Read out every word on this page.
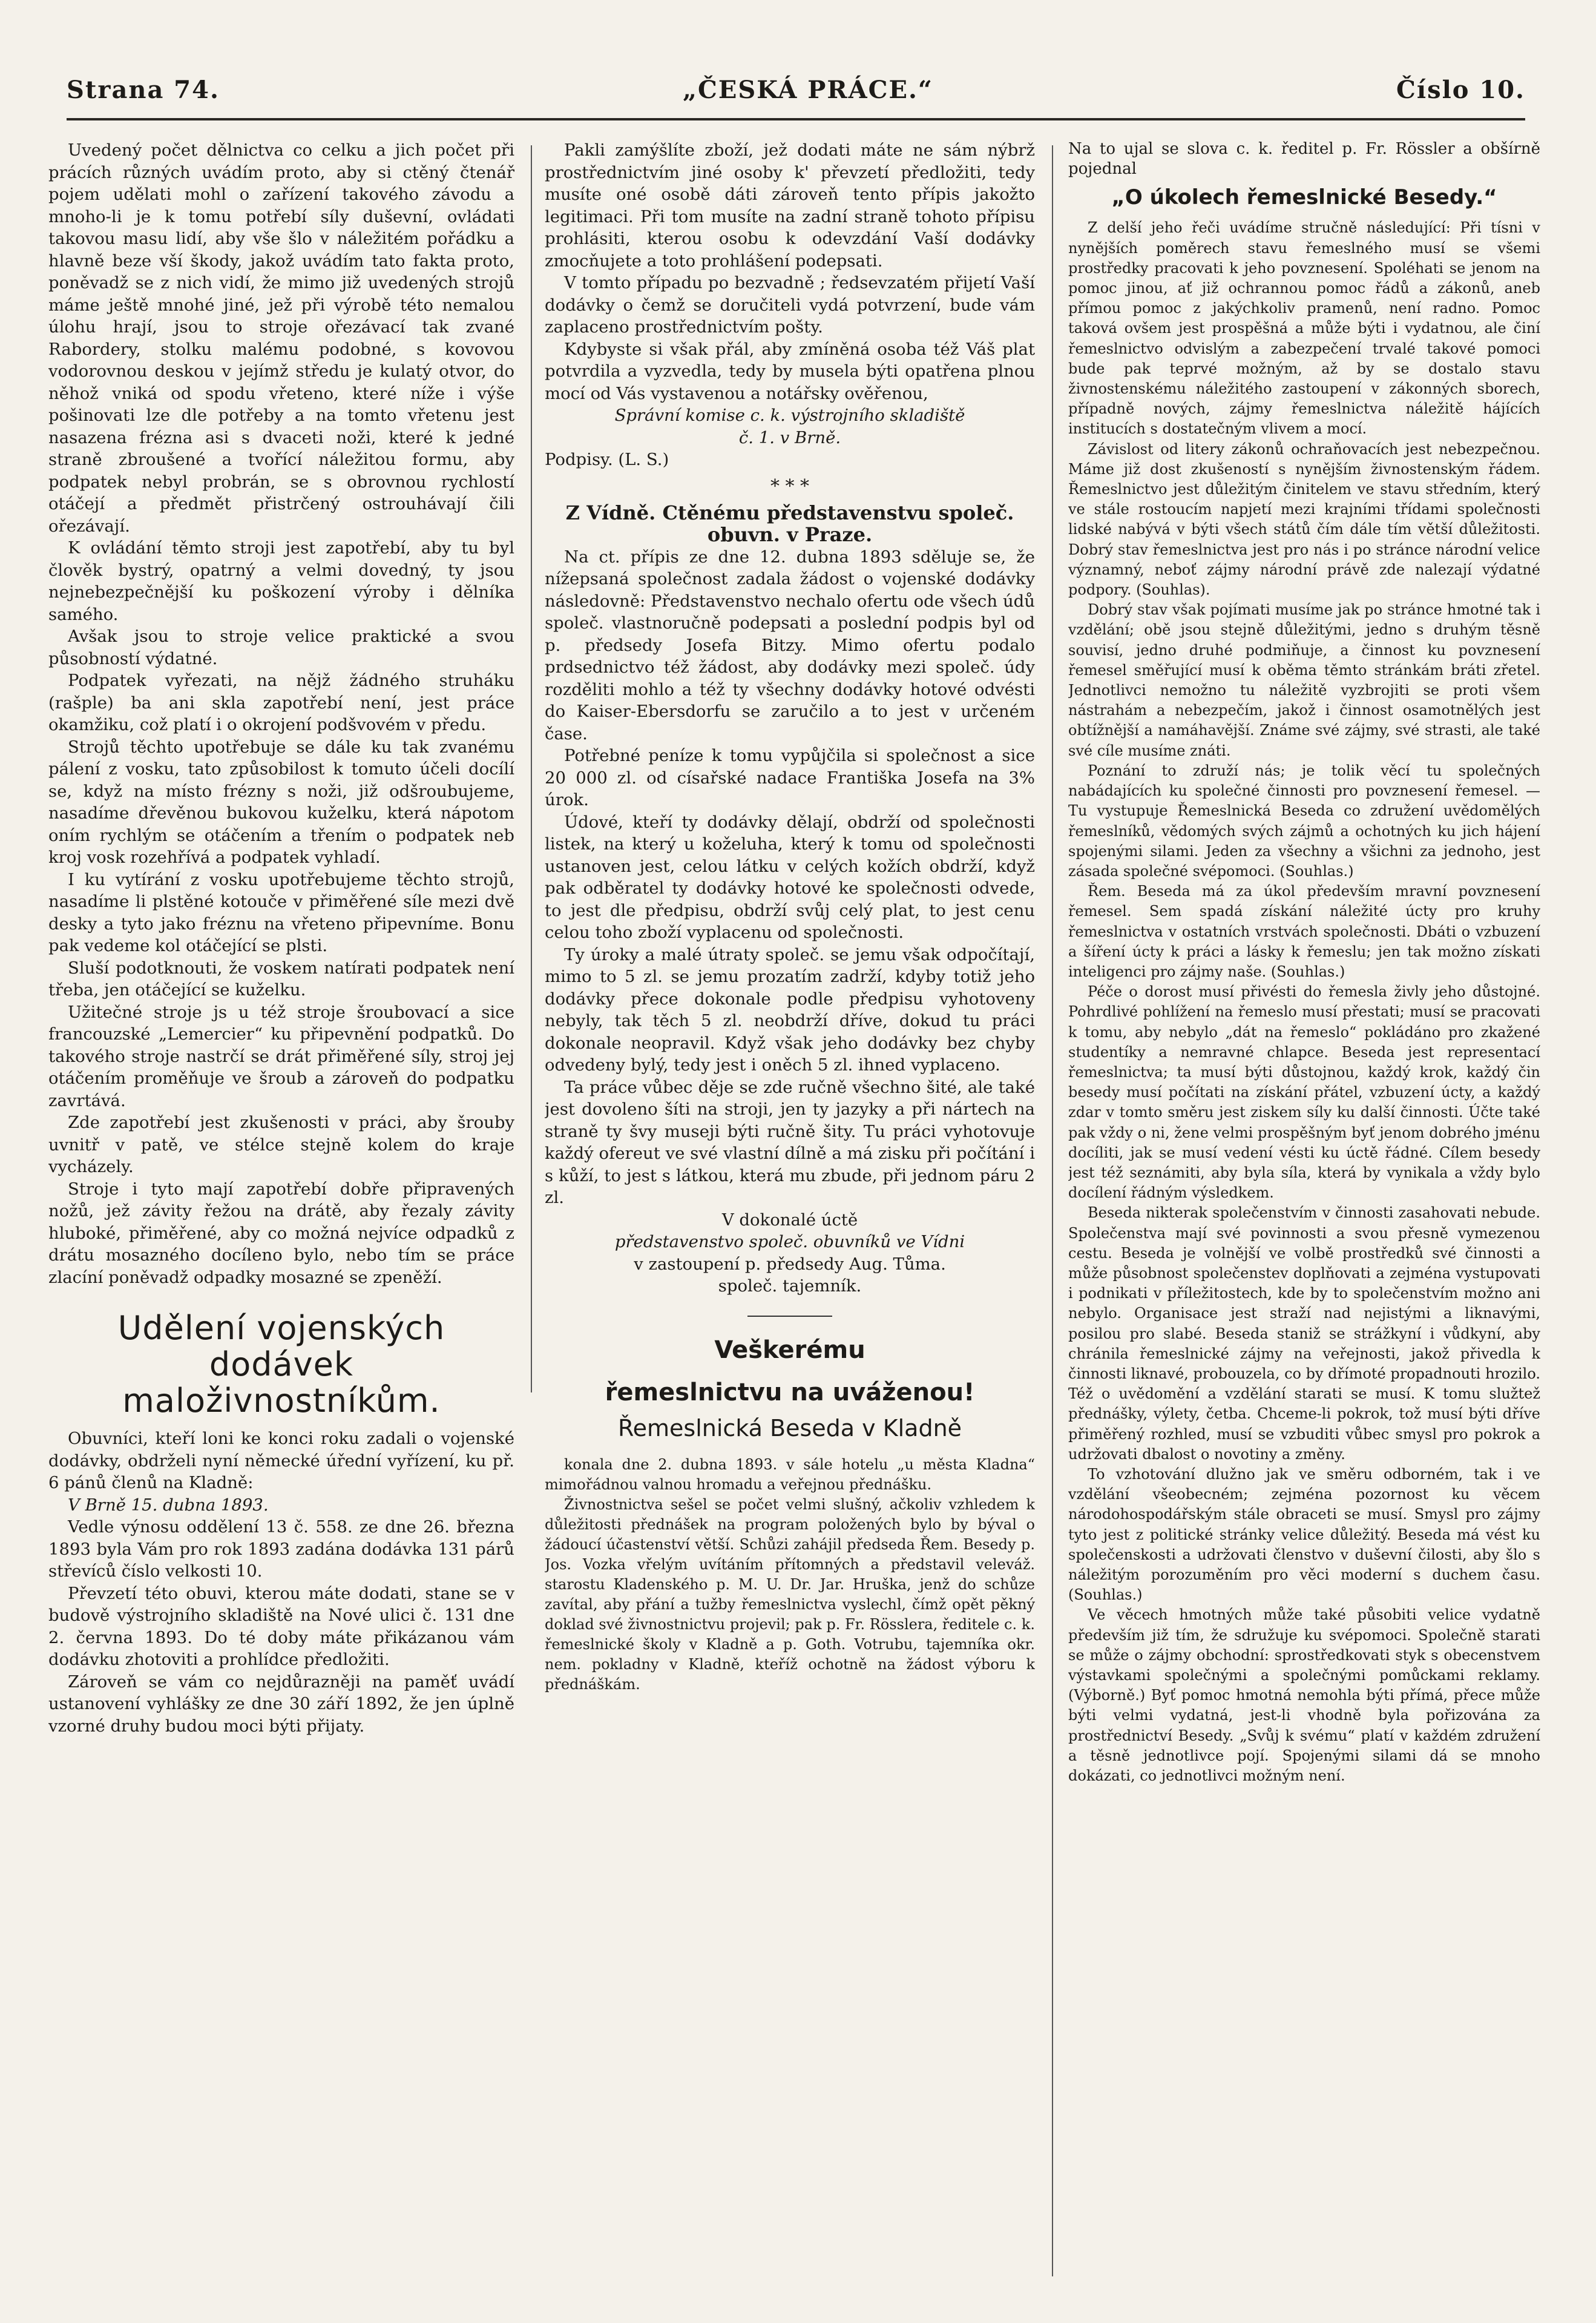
Strana 74.	„ČESKÁ PRÁCE.“	Číslo 10.

Uvedený počet dělnictva co celku a jich počet při prácích různých uvádím proto, aby si ctěný čtenář pojem udělati mohl o zařízení takového závodu a mnoho-li je k tomu potřebí síly duševní, ovládati takovou masu lidí, aby vše šlo v náležitém pořádku a hlavně beze vší škody, jakož uvádím tato fakta proto, poněvadž se z nich vidí, že mimo již uvedených strojů máme ještě mnohé jiné, jež při výrobě této nemalou úlohu hrají, jsou to stroje ořezávací tak zvané Rabordery, stolku malému podobné, s kovovou vodorovnou deskou v jejímž středu je kulatý otvor, do něhož vniká od spodu vřeteno, které níže i výše pošinovati lze dle potřeby a na tomto vřetenu jest nasazena frézna asi s dvaceti noži, které k jedné straně zbroušené a tvořící náležitou formu, aby podpatek nebyl probrán, se s obrovnou rychlostí otáčejí a předmět přistrčený ostrouhávají čili ořezávají.

K ovládání těmto stroji jest zapotřebí, aby tu byl člověk bystrý, opatrný a velmi dovedný, ty jsou nejnebezpečnější ku poškození výroby i dělníka samého.

Avšak jsou to stroje velice praktické a svou působností výdatné.

Podpatek vyřezati, na nějž žádného struháku (rašple) ba ani skla zapotřebí není, jest práce okamžiku, což platí i o okrojení podšvovém v předu.

Strojů těchto upotřebuje se dále ku tak zvanému pálení z vosku, tato způsobilost k tomuto účeli docílí se, když na místo frézny s noži, již odšroubujeme, nasadíme dřevěnou bukovou kuželku, která nápotom oním rychlým se otáčením a třením o podpatek neb kroj vosk rozehřívá a podpatek vyhladí.

I ku vytírání z vosku upotřebujeme těchto strojů, nasadíme li plstěné kotouče v přiměřené síle mezi dvě desky a tyto jako fréznu na vřeteno připevníme. Bonu pak vedeme kol otáčející se plsti.

Sluší podotknouti, že voskem natírati podpatek není třeba, jen otáčející se kuželku.

Užitečné stroje js u též stroje šroubovací a sice francouzské „Lemercier“ ku připevnění podpatků. Do takového stroje nastrčí se drát přiměřené síly, stroj jej otáčením proměňuje ve šroub a zároveň do podpatku zavrtává.

Zde zapotřebí jest zkušenosti v práci, aby šrouby uvnitř v patě, ve stélce stejně kolem do kraje vycházely.

Stroje i tyto mají zapotřebí dobře připravených nožů, jež závity řežou na drátě, aby řezaly závity hluboké, přiměřené, aby co možná nejvíce odpadků z drátu mosazného docíleno bylo, nebo tím se práce zlacíní poněvadž odpadky mosazné se zpeněží.

Udělení vojenských dodávek maloživnostníkům.

Obuvníci, kteří loni ke konci roku zadali o vojenské dodávky, obdrželi nyní německé úřední vyřízení, ku př. 6 pánů členů na Kladně:

V Brně 15. dubna 1893.

Vedle výnosu oddělení 13 č. 558. ze dne 26. března 1893 byla Vám pro rok 1893 zadána dodávka 131 párů střevíců číslo velkosti 10.

Převzetí této obuvi, kterou máte dodati, stane se v budově výstrojního skladiště na Nové ulici č. 131 dne 2. června 1893. Do té doby máte přikázanou vám dodávku zhotoviti a prohlídce předložiti.

Zároveň se vám co nejdůrazněji na paměť uvádí ustanovení vyhlášky ze dne 30 září 1892, že jen úplně vzorné druhy budou moci býti přijaty.

Pakli zamýšlíte zboží, jež dodati máte ne sám nýbrž prostřednictvím jiné osoby k' převzetí předložiti, tedy musíte oné osobě dáti zároveň tento přípis jakožto legitimaci. Při tom musíte na zadní straně tohoto přípisu prohlásiti, kterou osobu k odevzdání Vaší dodávky zmocňujete a toto prohlášení podepsati.

V tomto případu po bezvadně ; ředsevzatém přijetí Vaší dodávky o čemž se doručiteli vydá potvrzení, bude vám zaplaceno prostřednictvím pošty.

Kdybyste si však přál, aby zmíněná osoba též Váš plat potvrdila a vyzvedla, tedy by musela býti opatřena plnou mocí od Vás vystavenou a notářsky ověřenou,

Správní komise c. k. výstrojního skladiště

č. 1. v Brně.

Podpisy. (L. S.)

* * *

Z Vídně. Ctěnému představenstvu společ. obuvn. v Praze.

Na ct. přípis ze dne 12. dubna 1893 sděluje se, že nížepsaná společnost zadala žádost o vojenské dodávky následovně: Představenstvo nechalo ofertu ode všech údů společ. vlastnoručně podepsati a poslední podpis byl od p. předsedy Josefa Bitzy. Mimo ofertu podalo prdsednictvo též žádost, aby dodávky mezi společ. údy rozděliti mohlo a též ty všechny dodávky hotové odvésti do Kaiser-Ebersdorfu se zaručilo a to jest v určeném čase.

Potřebné peníze k tomu vypůjčila si společnost a sice 20 000 zl. od císařské nadace Františka Josefa na 3% úrok.

Údové, kteří ty dodávky dělají, obdrží od společnosti listek, na který u koželuha, který k tomu od společnosti ustanoven jest, celou látku v celých kožích obdrží, když pak odběratel ty dodávky hotové ke společnosti odvede, to jest dle předpisu, obdrží svůj celý plat, to jest cenu celou toho zboží vyplacenu od společnosti.

Ty úroky a malé útraty společ. se jemu však odpočítají, mimo to 5 zl. se jemu prozatím zadrží, kdyby totiž jeho dodávky přece dokonale podle předpisu vyhotoveny nebyly, tak těch 5 zl. neobdrží dříve, dokud tu práci dokonale neopravil. Když však jeho dodávky bez chyby odvedeny bylý, tedy jest i oněch 5 zl. ihned vyplaceno.

Ta práce vůbec děje se zde ručně všechno šité, ale také jest dovoleno šíti na stroji, jen ty jazyky a při nártech na straně ty švy museji býti ručně šity. Tu práci vyhotovuje každý ofereut ve své vlastní dílně a má zisku při počítání i s kůží, to jest s látkou, která mu zbude, při jednom páru 2 zl.

V dokonalé úctě

představenstvo společ. obuvníků ve Vídni

v zastoupení p. předsedy Aug. Tůma.

společ. tajemník.

Veškerému
řemeslnictvu na uváženou!
Řemeslnická Beseda v Kladně

konala dne 2. dubna 1893. v sále hotelu „u města Kladna“ mimořádnou valnou hromadu a veřejnou přednášku.

Živnostnictva sešel se počet velmi slušný, ačkoliv vzhledem k důležitosti přednášek na program položených bylo by býval o žádoucí účastenství větší. Schůzi zahájil předseda Řem. Besedy p. Jos. Vozka vřelým uvítáním přítomných a představil veleváž. starostu Kladenského p. M. U. Dr. Jar. Hruška, jenž do schůze zavítal, aby přání a tužby řemeslnictva vyslechl, čímž opět pěkný doklad své živnostnictvu projevil; pak p. Fr. Rösslera, ředitele c. k. řemeslnické školy v Kladně a p. Goth. Votrubu, tajemníka okr. nem. pokladny v Kladně, kteříž ochotně na žádost výboru k přednáškám.

Na to ujal se slova c. k. ředitel p. Fr. Rössler a obšírně pojednal

„O úkolech řemeslnické Besedy.“

Z delší jeho řeči uvádíme stručně následující: Při tísni v nynějších poměrech stavu řemeslného musí se všemi prostředky pracovati k jeho povznesení. Spoléhati se jenom na pomoc jinou, ať již ochrannou pomoc řádů a zákonů, aneb přímou pomoc z jakýchkoliv pramenů, není radno. Pomoc taková ovšem jest prospěšná a může býti i vydatnou, ale činí řemeslnictvo odvislým a zabezpečení trvalé takové pomoci bude pak teprvé možným, až by se dostalo stavu živnostenskému náležitého zastoupení v zákonných sborech, případně nových, zájmy řemeslnictva náležitě hájících institucích s dostatečným vlivem a mocí.

Závislost od litery zákonů ochraňovacích jest nebezpečnou. Máme již dost zkušeností s nynějším živnostenským řádem. Řemeslnictvo jest důležitým činitelem ve stavu středním, který ve stále rostoucím napjetí mezi krajními třídami společnosti lidské nabývá v býti všech států čím dále tím větší důležitosti. Dobrý stav řemeslnictva jest pro nás i po stránce národní velice významný, neboť zájmy národní právě zde nalezají výdatné podpory. (Souhlas).

Dobrý stav však pojímati musíme jak po stránce hmotné tak i vzdělání; obě jsou stejně důležitými, jedno s druhým těsně souvisí, jedno druhé podmiňuje, a činnost ku povznesení řemesel směřující musí k oběma těmto stránkám bráti zřetel. Jednotlivci nemožno tu náležitě vyzbrojiti se proti všem nástrahám a nebezpečím, jakož i činnost osamotnělých jest obtížnější a namáhavější. Známe své zájmy, své strasti, ale také své cíle musíme znáti.

Poznání to združí nás; je tolik věcí tu společných nabádajících ku společné činnosti pro povznesení řemesel. — Tu vystupuje Řemeslnická Beseda co združení uvědomělých řemeslníků, vědomých svých zájmů a ochotných ku jich hájení spojenými silami. Jeden za všechny a všichni za jednoho, jest zásada společné svépomoci. (Souhlas.)

Řem. Beseda má za úkol především mravní povznesení řemesel. Sem spadá získání náležité úcty pro kruhy řemeslnictva v ostatních vrstvách společnosti. Dbáti o vzbuzení a šíření úcty k práci a lásky k řemeslu; jen tak možno získati inteligenci pro zájmy naše. (Souhlas.)

Péče o dorost musí přivésti do řemesla živly jeho důstojné. Pohrdlivé pohlížení na řemeslo musí přestati; musí se pracovati k tomu, aby nebylo „dát na řemeslo“ pokládáno pro zkažené studentíky a nemravné chlapce. Beseda jest representací řemeslnictva; ta musí býti důstojnou, každý krok, každý čin besedy musí počítati na získání přátel, vzbuzení úcty, a každý zdar v tomto směru jest ziskem síly ku další činnosti. Účte také pak vždy o ni, žene velmi prospěšným byť jenom dobrého jménu docíliti, jak se musí vedení vésti ku úctě řádné. Cílem besedy jest též seznámiti, aby byla síla, která by vynikala a vždy bylo docílení řádným výsledkem.

Beseda nikterak společenstvím v činnosti zasahovati nebude. Společenstva mají své povinnosti a svou přesně vymezenou cestu. Beseda je volnější ve volbě prostředků své činnosti a může působnost společenstev doplňovati a zejména vystupovati i podnikati v příležitostech, kde by to společenstvím možno ani nebylo. Organisace jest straží nad nejistými a liknavými, posilou pro slabé. Beseda staniž se strážkyní i vůdkyní, aby chránila řemeslnické zájmy na veřejnosti, jakož přivedla k činnosti liknavé, probouzela, co by dřímoté propadnouti hrozilo. Též o uvědomění a vzdělání starati se musí. K tomu služtež přednášky, výlety, četba. Chceme-li pokrok, tož musí býti dříve přiměřený rozhled, musí se vzbuditi vůbec smysl pro pokrok a udržovati dbalost o novotiny a změny.

To vzhotování dlužno jak ve směru odborném, tak i ve vzdělání všeobecném; zejména pozornost ku věcem národohospodářským stále obraceti se musí. Smysl pro zájmy tyto jest z politické stránky velice důležitý. Beseda má vést ku společenskosti a udržovati členstvo v duševní čilosti, aby šlo s náležitým porozuměním pro věci moderní s duchem času. (Souhlas.)

Ve věcech hmotných může také působiti velice vydatně především již tím, že sdružuje ku svépomoci. Společně starati se může o zájmy obchodní: sprostředkovati styk s obecenstvem výstavkami společnými a společnými pomůckami reklamy. (Výborně.) Byť pomoc hmotná nemohla býti přímá, přece může býti velmi vydatná, jest-li vhodně byla pořizována za prostřednictví Besedy. „Svůj k svému“ platí v každém združení a těsně jednotlivce pojí. Spojenými silami dá se mnoho dokázati, co jednotlivci možným není.
